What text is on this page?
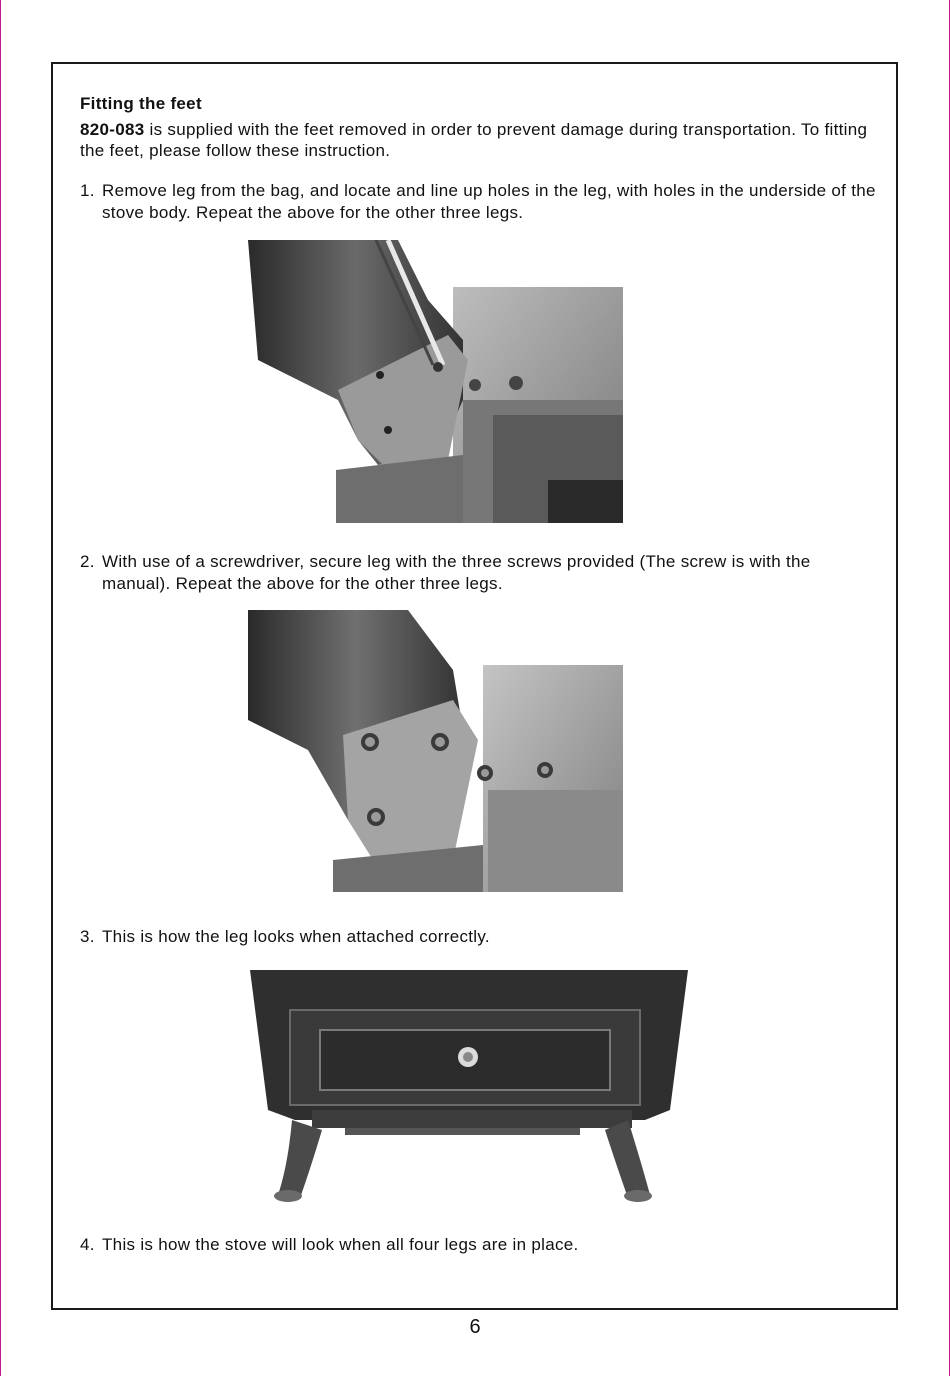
Fitting the feet
820-083 is supplied with the feet removed in order to prevent damage during transportation. To fitting the feet, please follow these instruction.
1. Remove leg from the bag, and locate and line up holes in the leg, with holes in the underside of the stove body. Repeat the above for the other three legs.
2. With use of a screwdriver, secure leg with the three screws provided (The screw is with the manual). Repeat the above for the other three legs.
3. This is how the leg looks when attached correctly.
4. This is how the stove will look when all four legs are in place.
6
